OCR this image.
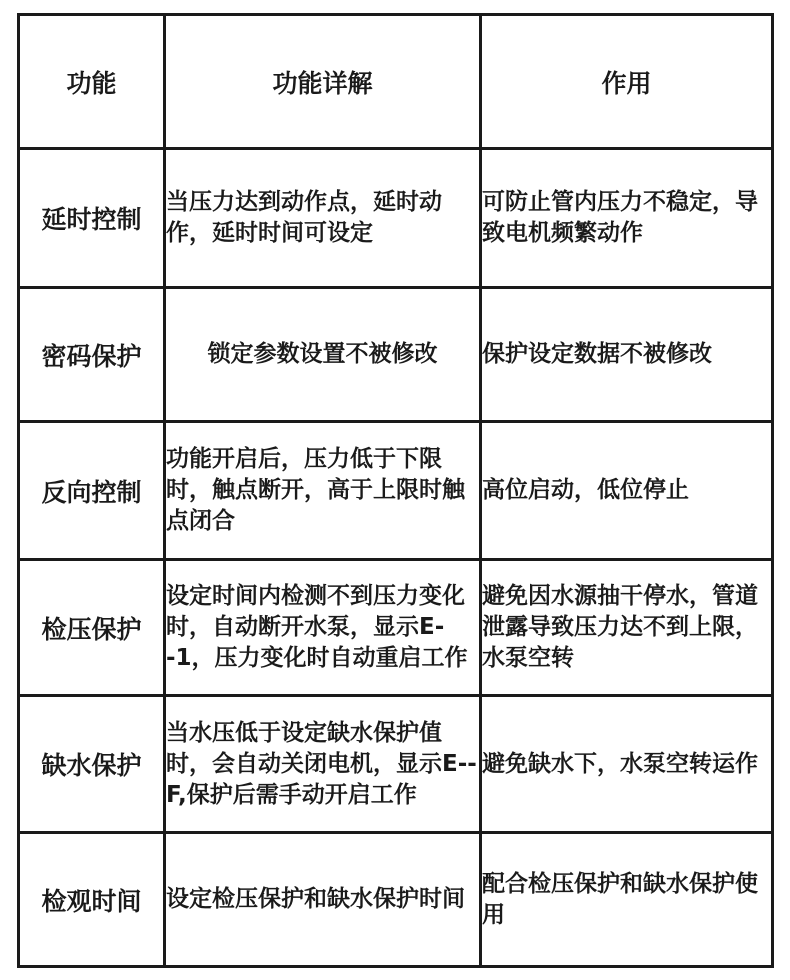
功能	功能详解	作用
延时控制	当压力达到动作点，延时动作，延时时间可设定	可防止管内压力不稳定，导致电机频繁动作
密码保护	锁定参数设置不被修改	保护设定数据不被修改
反向控制	功能开启后，压力低于下限时，触点断开，高于上限时触点闭合	高位启动，低位停止
检压保护	设定时间内检测不到压力变化时，自动断开水泵，显示E--1，压力变化时自动重启工作	避免因水源抽干停水，管道泄露导致压力达不到上限，水泵空转
缺水保护	当水压低于设定缺水保护值时，会自动关闭电机，显示E--F,保护后需手动开启工作	避免缺水下，水泵空转运作
检观时间	设定检压保护和缺水保护时间	配合检压保护和缺水保护使用
